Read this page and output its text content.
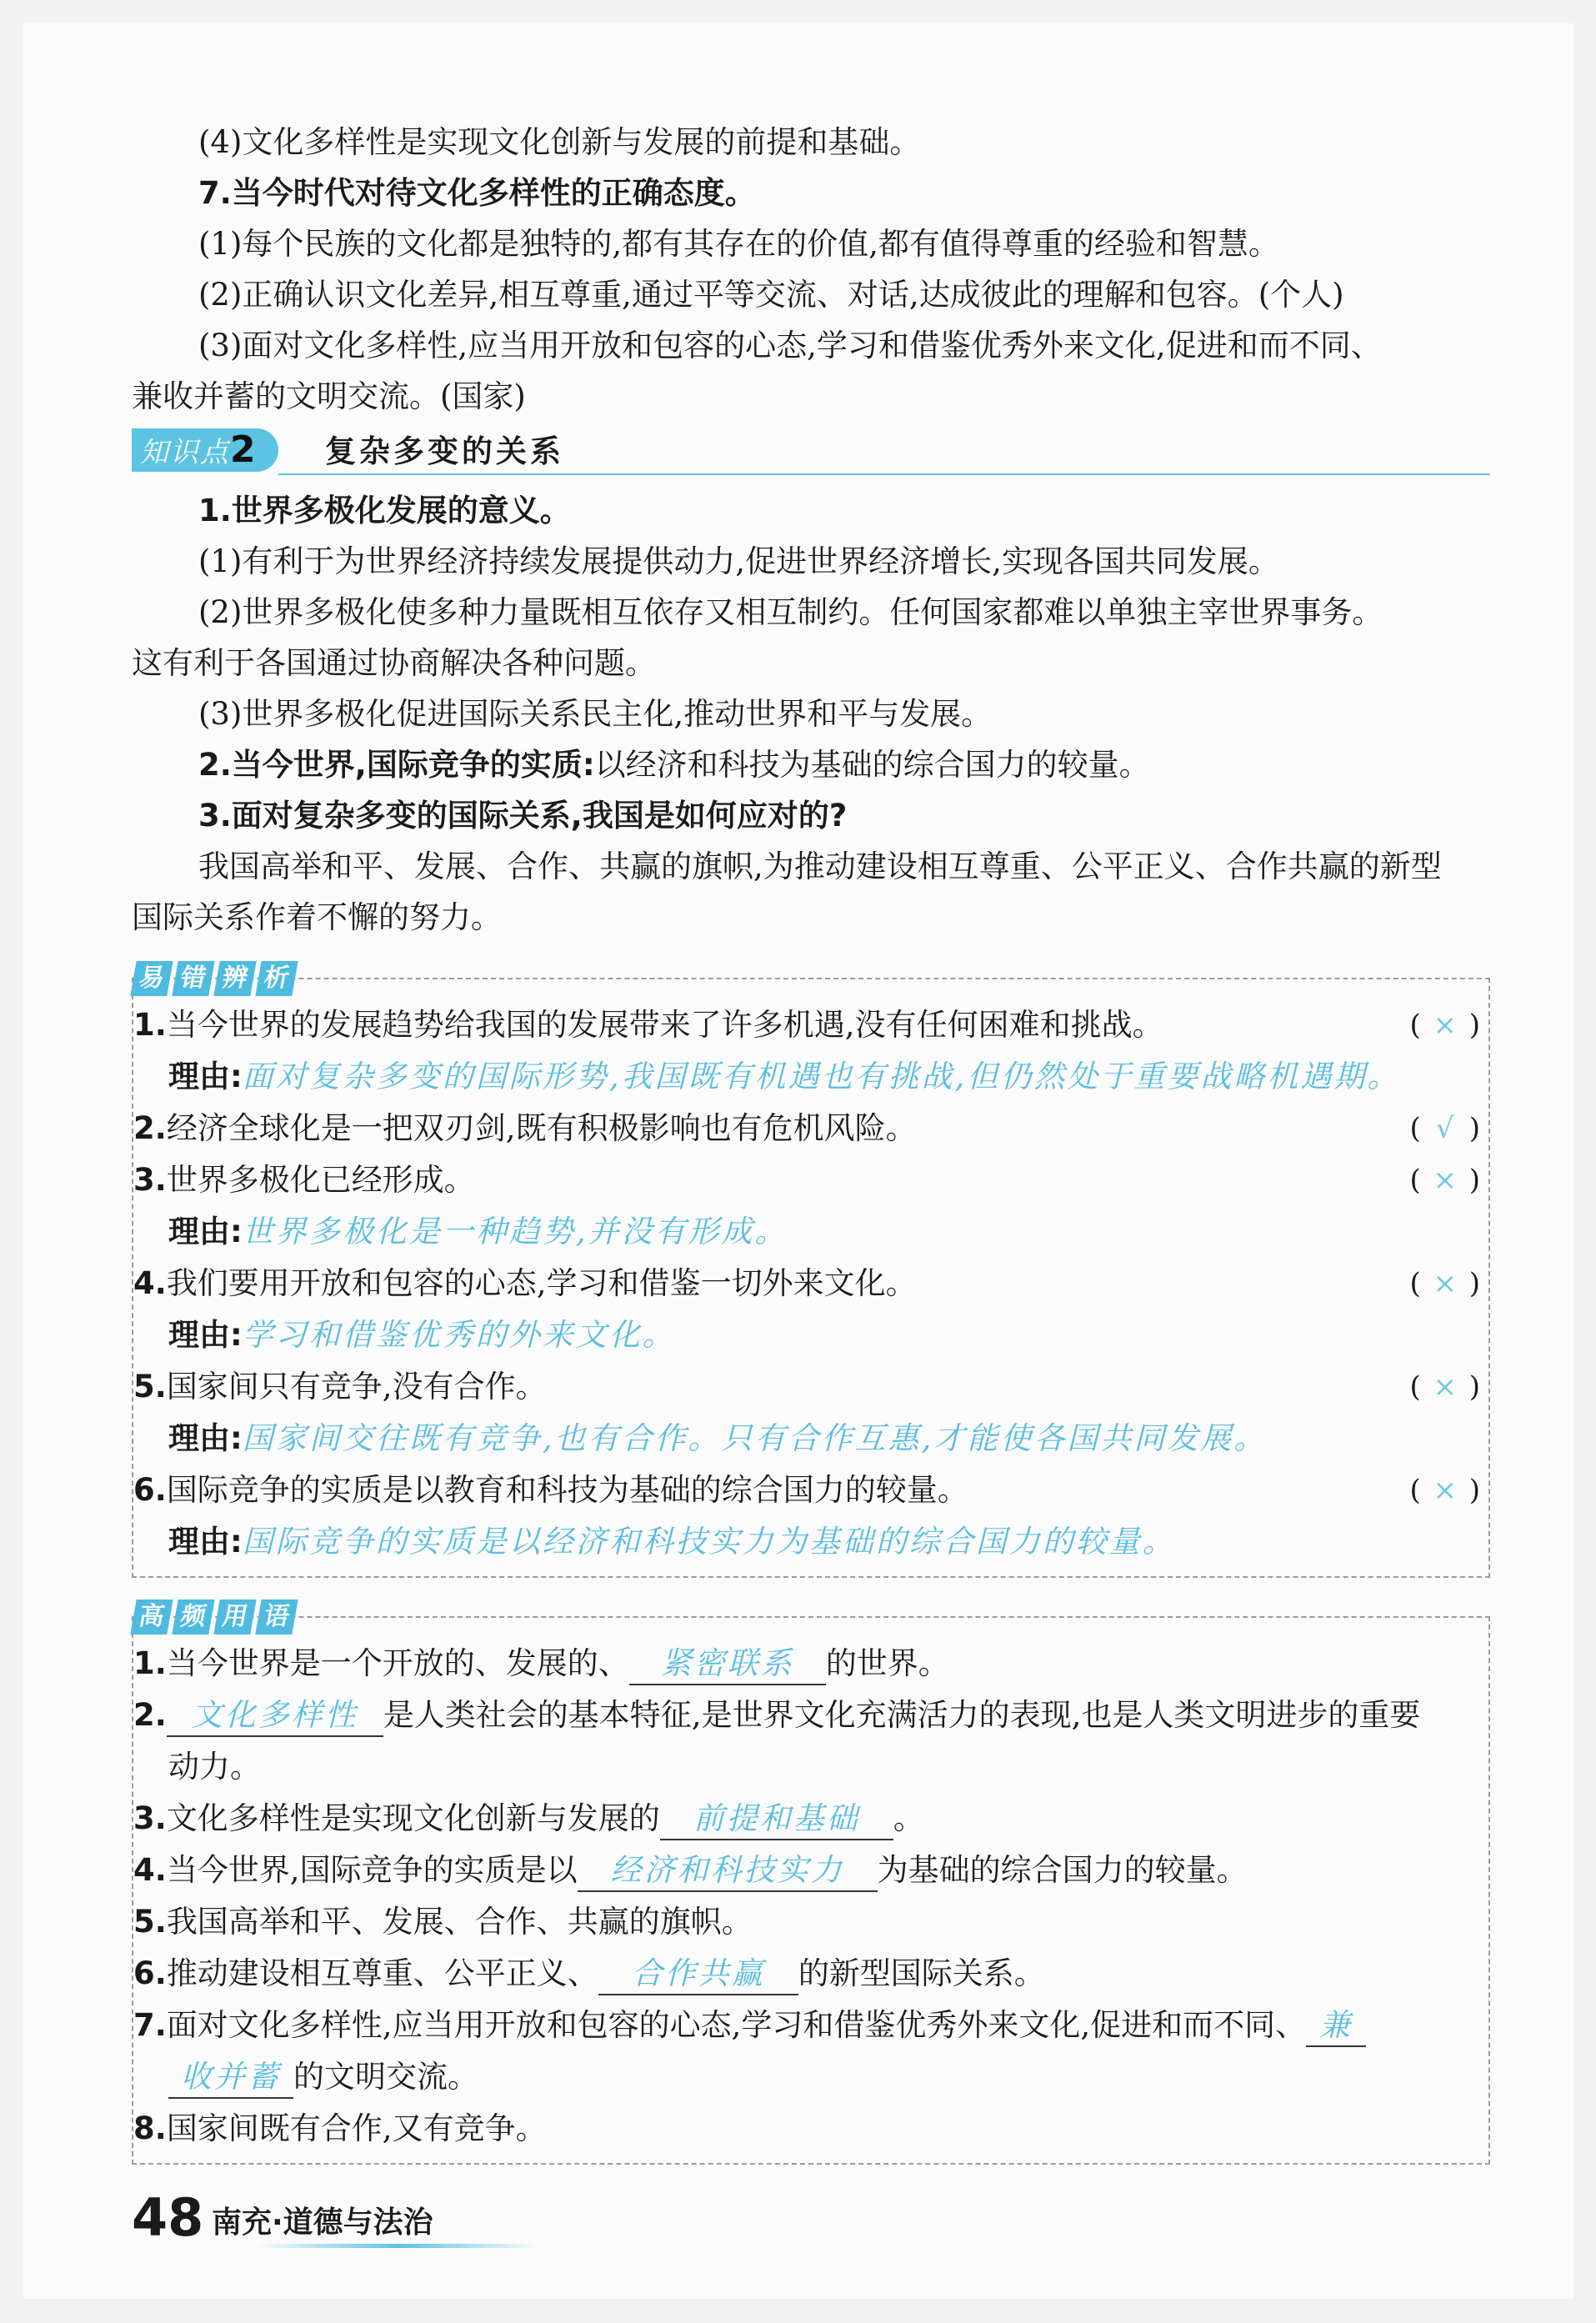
(4)文化多样性是实现文化创新与发展的前提和基础。
7.当今时代对待文化多样性的正确态度。
(1)每个民族的文化都是独特的,都有其存在的价值,都有值得尊重的经验和智慧。
(2)正确认识文化差异,相互尊重,通过平等交流、对话,达成彼此的理解和包容。(个人)
(3)面对文化多样性,应当用开放和包容的心态,学习和借鉴优秀外来文化,促进和而不同、
兼收并蓄的文明交流。(国家)
知识点2	复杂多变的关系
1.世界多极化发展的意义。
(1)有利于为世界经济持续发展提供动力,促进世界经济增长,实现各国共同发展。
(2)世界多极化使多种力量既相互依存又相互制约。任何国家都难以单独主宰世界事务。
这有利于各国通过协商解决各种问题。
(3)世界多极化促进国际关系民主化,推动世界和平与发展。
2.当今世界,国际竞争的实质:以经济和科技为基础的综合国力的较量。
3.面对复杂多变的国际关系,我国是如何应对的?
我国高举和平、发展、合作、共赢的旗帜,为推动建设相互尊重、公平正义、合作共赢的新型
国际关系作着不懈的努力。
易 错 辨 析
1.当今世界的发展趋势给我国的发展带来了许多机遇,没有任何困难和挑战。	( × )
理由:面对复杂多变的国际形势,我国既有机遇也有挑战,但仍然处于重要战略机遇期。
2.经济全球化是一把双刃剑,既有积极影响也有危机风险。	( √ )
3.世界多极化已经形成。	( × )
理由:世界多极化是一种趋势,并没有形成。
4.我们要用开放和包容的心态,学习和借鉴一切外来文化。	( × )
理由:学习和借鉴优秀的外来文化。
5.国家间只有竞争,没有合作。	( × )
理由:国家间交往既有竞争,也有合作。只有合作互惠,才能使各国共同发展。
6.国际竞争的实质是以教育和科技为基础的综合国力的较量。	( × )
理由:国际竞争的实质是以经济和科技实力为基础的综合国力的较量。
高 频 用 语
1.当今世界是一个开放的、发展的、 紧密联系 的世界。
2. 文化多样性 是人类社会的基本特征,是世界文化充满活力的表现,也是人类文明进步的重要
动力。
3.文化多样性是实现文化创新与发展的 前提和基础 。
4.当今世界,国际竞争的实质是以 经济和科技实力 为基础的综合国力的较量。
5.我国高举和平、发展、合作、共赢的旗帜。
6.推动建设相互尊重、公平正义、 合作共赢 的新型国际关系。
7.面对文化多样性,应当用开放和包容的心态,学习和借鉴优秀外来文化,促进和而不同、 兼
收并蓄 的文明交流。
8.国家间既有合作,又有竞争。
48 南充·道德与法治
